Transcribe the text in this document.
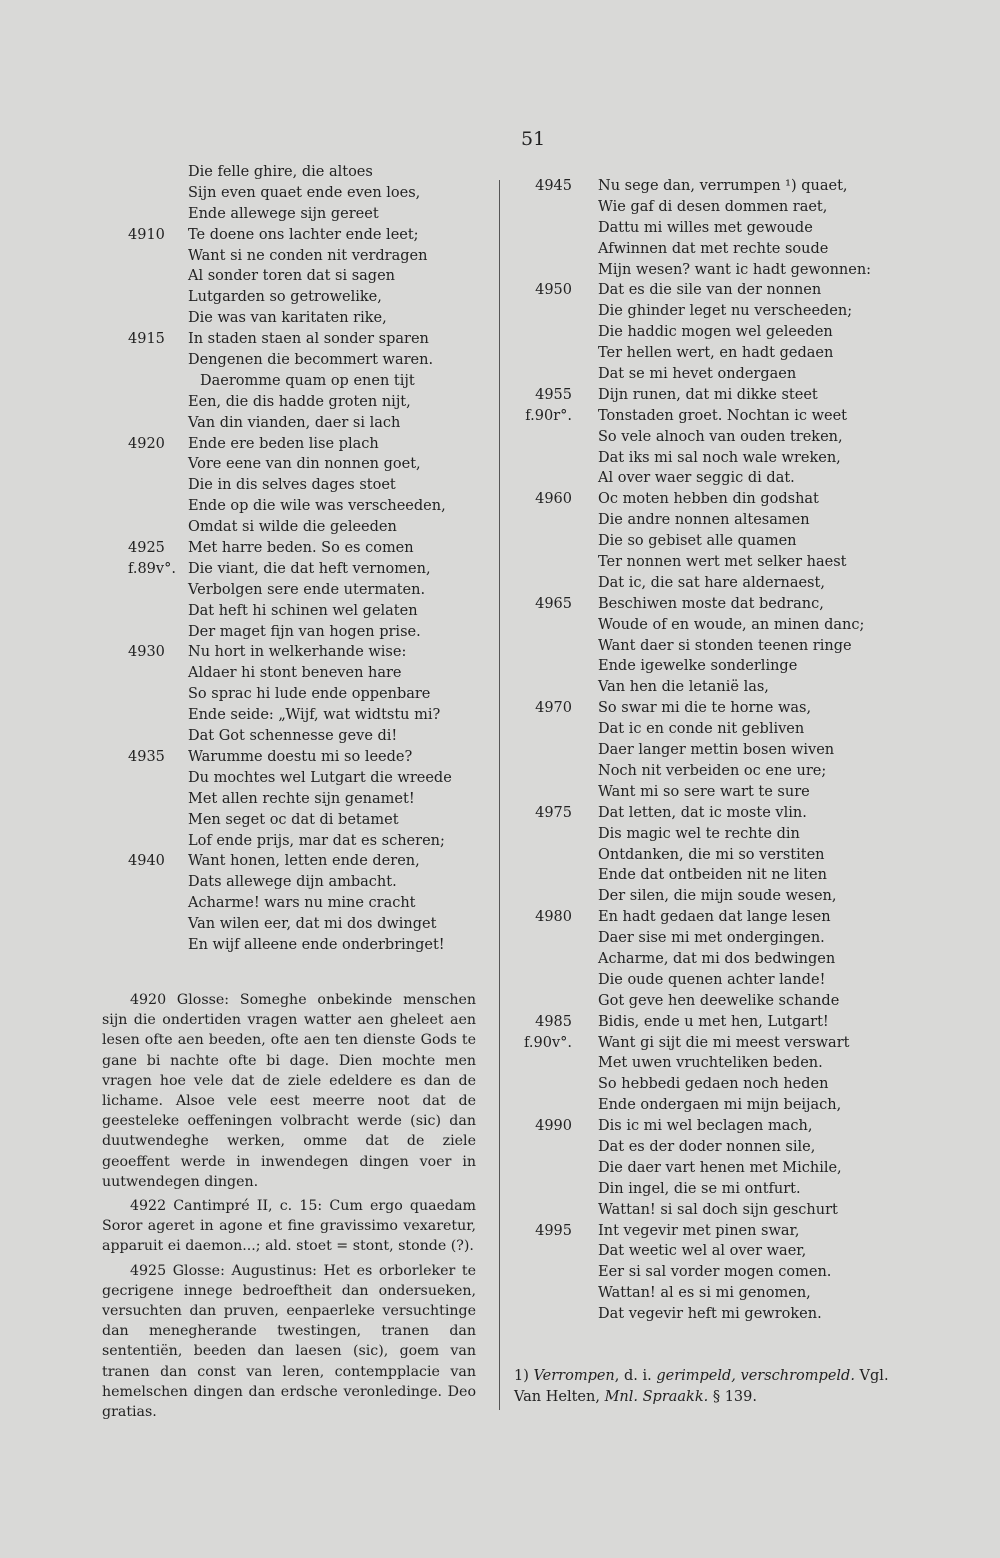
51
Die felle ghire, die altoes
Sijn even quaet ende even loes,
Ende allewege sijn gereet
4910	Te doene ons lachter ende leet;
Want si ne conden nit verdragen
Al sonder toren dat si sagen
Lutgarden so getrowelike,
Die was van karitaten rike,
4915	In staden staen al sonder sparen
Dengenen die becommert waren.
Daeromme quam op enen tijt
Een, die dis hadde groten nijt,
Van din vianden, daer si lach
4920	Ende ere beden lise plach
Vore eene van din nonnen goet,
Die in dis selves dages stoet
Ende op die wile was verscheeden,
Omdat si wilde die geleeden
4925	Met harre beden. So es comen
f.89v°. Die viant, die dat heft vernomen,
Verbolgen sere ende utermaten.
Dat heft hi schinen wel gelaten
Der maget fijn van hogen prise.
4930	Nu hort in welkerhande wise:
Aldaer hi stont beneven hare
So sprac hi lude ende oppenbare
Ende seide: „Wijf, wat widtstu mi?
Dat Got schennesse geve di!
4935	Warumme doestu mi so leede?
Du mochtes wel Lutgart die wreede
Met allen rechte sijn genamet!
Men seget oc dat di betamet
Lof ende prijs, mar dat es scheren;
4940	Want honen, letten ende deren,
Dats allewege dijn ambacht.
Acharme! wars nu mine cracht
Van wilen eer, dat mi dos dwinget
En wijf alleene ende onderbringet!
4945 Nu sege dan, verrumpen ¹) quaet,
Wie gaf di desen dommen raet,
Dattu mi willes met gewoude
Afwinnen dat met rechte soude
Mijn wesen? want ic hadt gewonnen:
4950 Dat es die sile van der nonnen
Die ghinder leget nu verscheeden;
Die haddic mogen wel geleeden
Ter hellen wert, en hadt gedaen
Dat se mi hevet ondergaen
4955 Dijn runen, dat mi dikke steet
f.90r°. Tonstaden groet. Nochtan ic weet
So vele alnoch van ouden treken,
Dat iks mi sal noch wale wreken,
Al over waer seggic di dat.
4960 Oc moten hebben din godshat
Die andre nonnen altesamen
Die so gebiset alle quamen
Ter nonnen wert met selker haest
Dat ic, die sat hare aldernaest,
4965 Beschiwen moste dat bedranc,
Woude of en woude, an minen danc;
Want daer si stonden teenen ringe
Ende igewelke sonderlinge
Van hen die letanië las,
4970 So swar mi die te horne was,
Dat ic en conde nit gebliven
Daer langer mettin bosen wiven
Noch nit verbeiden oc ene ure;
Want mi so sere wart te sure
4975 Dat letten, dat ic moste vlin.
Dis magic wel te rechte din
Ontdanken, die mi so verstiten
Ende dat ontbeiden nit ne liten
Der silen, die mijn soude wesen,
4980 En hadt gedaen dat lange lesen
Daer sise mi met ondergingen.
Acharme, dat mi dos bedwingen
Die oude quenen achter lande!
Got geve hen deewelike schande
4985 Bidis, ende u met hen, Lutgart!
f.90v°. Want gi sijt die mi meest verswart
Met uwen vruchteliken beden.
So hebbedi gedaen noch heden
Ende ondergaen mi mijn beijach,
4990 Dis ic mi wel beclagen mach,
Dat es der doder nonnen sile,
Die daer vart henen met Michile,
Din ingel, die se mi ontfurt.
Wattan! si sal doch sijn geschurt
4995 Int vegevir met pinen swar,
Dat weetic wel al over waer,
Eer si sal vorder mogen comen.
Wattan! al es si mi genomen,
Dat vegevir heft mi gewroken.

4920 Glosse: Someghe onbekinde menschen sijn die ondertiden vragen watter aen gheleet aen lesen ofte aen beeden, ofte aen ten dienste Gods te gane bi nachte ofte bi dage. Dien mochte men vragen hoe vele dat de ziele edeldere es dan de lichame. Alsoe vele eest meerre noot dat de geesteleke oeffeningen volbracht werde (sic) dan duutwendeghe werken, omme dat de ziele geoeffent werde in inwendegen dingen voer in uutwendegen dingen.

4922 Cantimpré II, c. 15: Cum ergo quaedam Soror ageret in agone et fine gravissimo vexaretur, apparuit ei daemon...; ald. stoet = stont, stonde (?).

4925 Glosse: Augustinus: Het es orborleker te gecrigene innege bedroeftheit dan ondersueken, versuchten dan pruven, eenpaerleke versuchtinge dan menegherande twestingen, tranen dan sententiën, beeden dan laesen (sic), goem van tranen dan const van leren, contempplacie van hemelschen dingen dan erdsche veronledinge. Deo gratias.

1) Verrompen, d. i. gerimpeld, verschrompeld. Vgl. Van Helten, Mnl. Spraakk. § 139.
